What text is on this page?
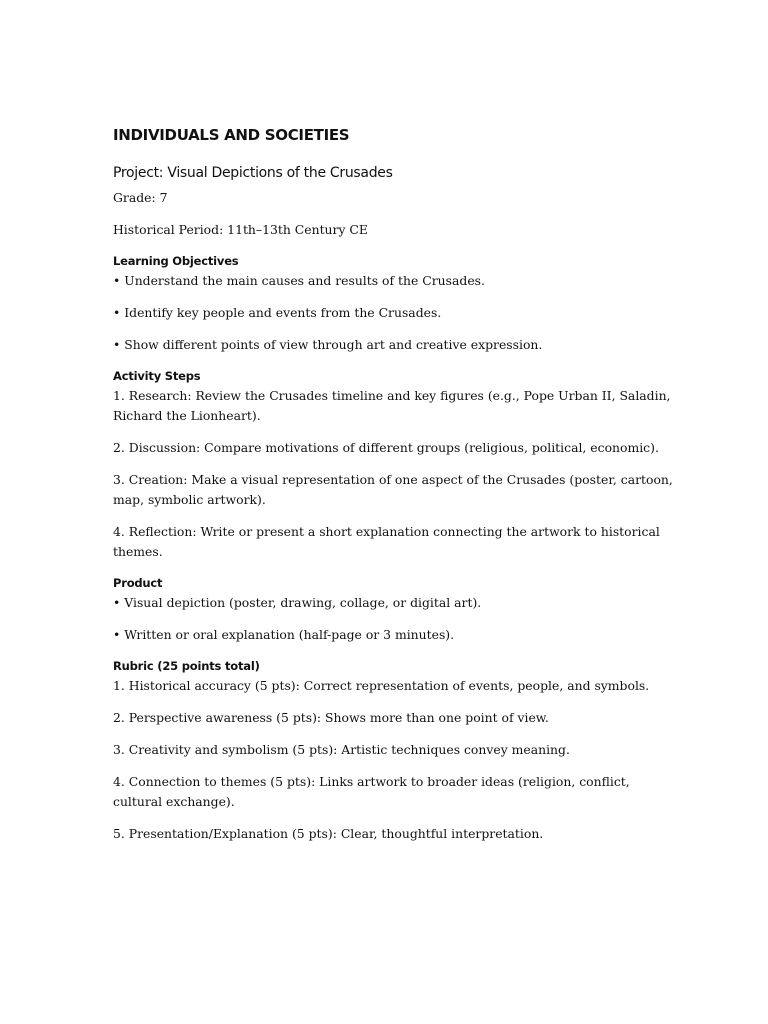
INDIVIDUALS AND SOCIETIES
Project: Visual Depictions of the Crusades

Grade: 7

Historical Period: 11th–13th Century CE

Learning Objectives
• Understand the main causes and results of the Crusades.
• Identify key people and events from the Crusades.
• Show different points of view through art and creative expression.
Activity Steps
1. Research: Review the Crusades timeline and key figures (e.g., Pope Urban II, Saladin, Richard the Lionheart).
2. Discussion: Compare motivations of different groups (religious, political, economic).
3. Creation: Make a visual representation of one aspect of the Crusades (poster, cartoon, map, symbolic artwork).
4. Reflection: Write or present a short explanation connecting the artwork to historical themes.
Product
• Visual depiction (poster, drawing, collage, or digital art).
• Written or oral explanation (half-page or 3 minutes).
Rubric (25 points total)
1. Historical accuracy (5 pts): Correct representation of events, people, and symbols.
2. Perspective awareness (5 pts): Shows more than one point of view.
3. Creativity and symbolism (5 pts): Artistic techniques convey meaning.
4. Connection to themes (5 pts): Links artwork to broader ideas (religion, conflict, cultural exchange).
5. Presentation/Explanation (5 pts): Clear, thoughtful interpretation.
